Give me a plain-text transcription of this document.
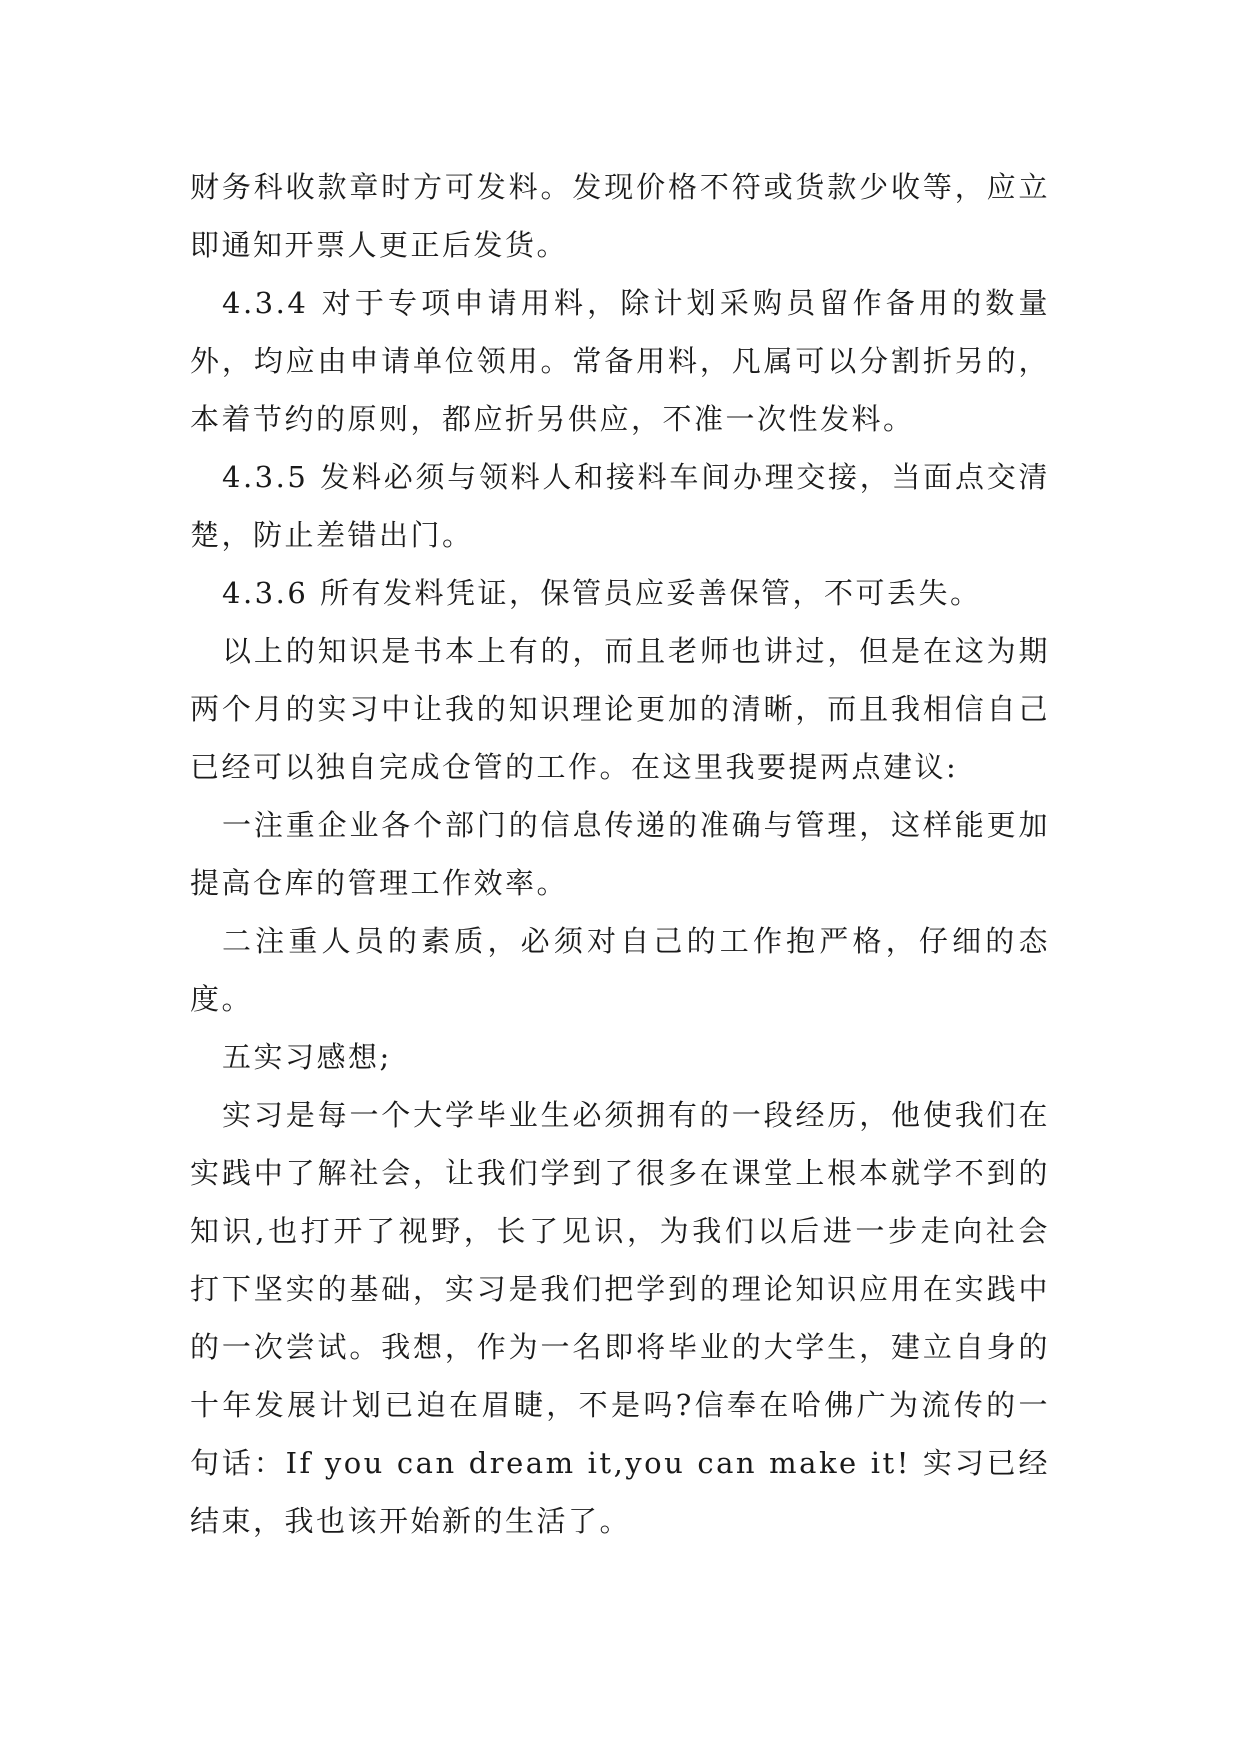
财务科收款章时方可发料。发现价格不符或货款少收等，应立即通知开票人更正后发货。

4.3.4 对于专项申请用料，除计划采购员留作备用的数量外，均应由申请单位领用。常备用料，凡属可以分割折另的，本着节约的原则，都应折另供应，不准一次性发料。

4.3.5 发料必须与领料人和接料车间办理交接，当面点交清楚，防止差错出门。

4.3.6 所有发料凭证，保管员应妥善保管，不可丢失。

以上的知识是书本上有的，而且老师也讲过，但是在这为期两个月的实习中让我的知识理论更加的清晰，而且我相信自己已经可以独自完成仓管的工作。在这里我要提两点建议:

一注重企业各个部门的信息传递的准确与管理，这样能更加提高仓库的管理工作效率。

二注重人员的素质，必须对自己的工作抱严格，仔细的态度。

五实习感想;

实习是每一个大学毕业生必须拥有的一段经历，他使我们在实践中了解社会，让我们学到了很多在课堂上根本就学不到的知识,也打开了视野，长了见识，为我们以后进一步走向社会打下坚实的基础，实习是我们把学到的理论知识应用在实践中的一次尝试。我想，作为一名即将毕业的大学生，建立自身的十年发展计划已迫在眉睫，不是吗?信奉在哈佛广为流传的一句话：If you can dream it,you can make it! 实习已经结束，我也该开始新的生活了。
